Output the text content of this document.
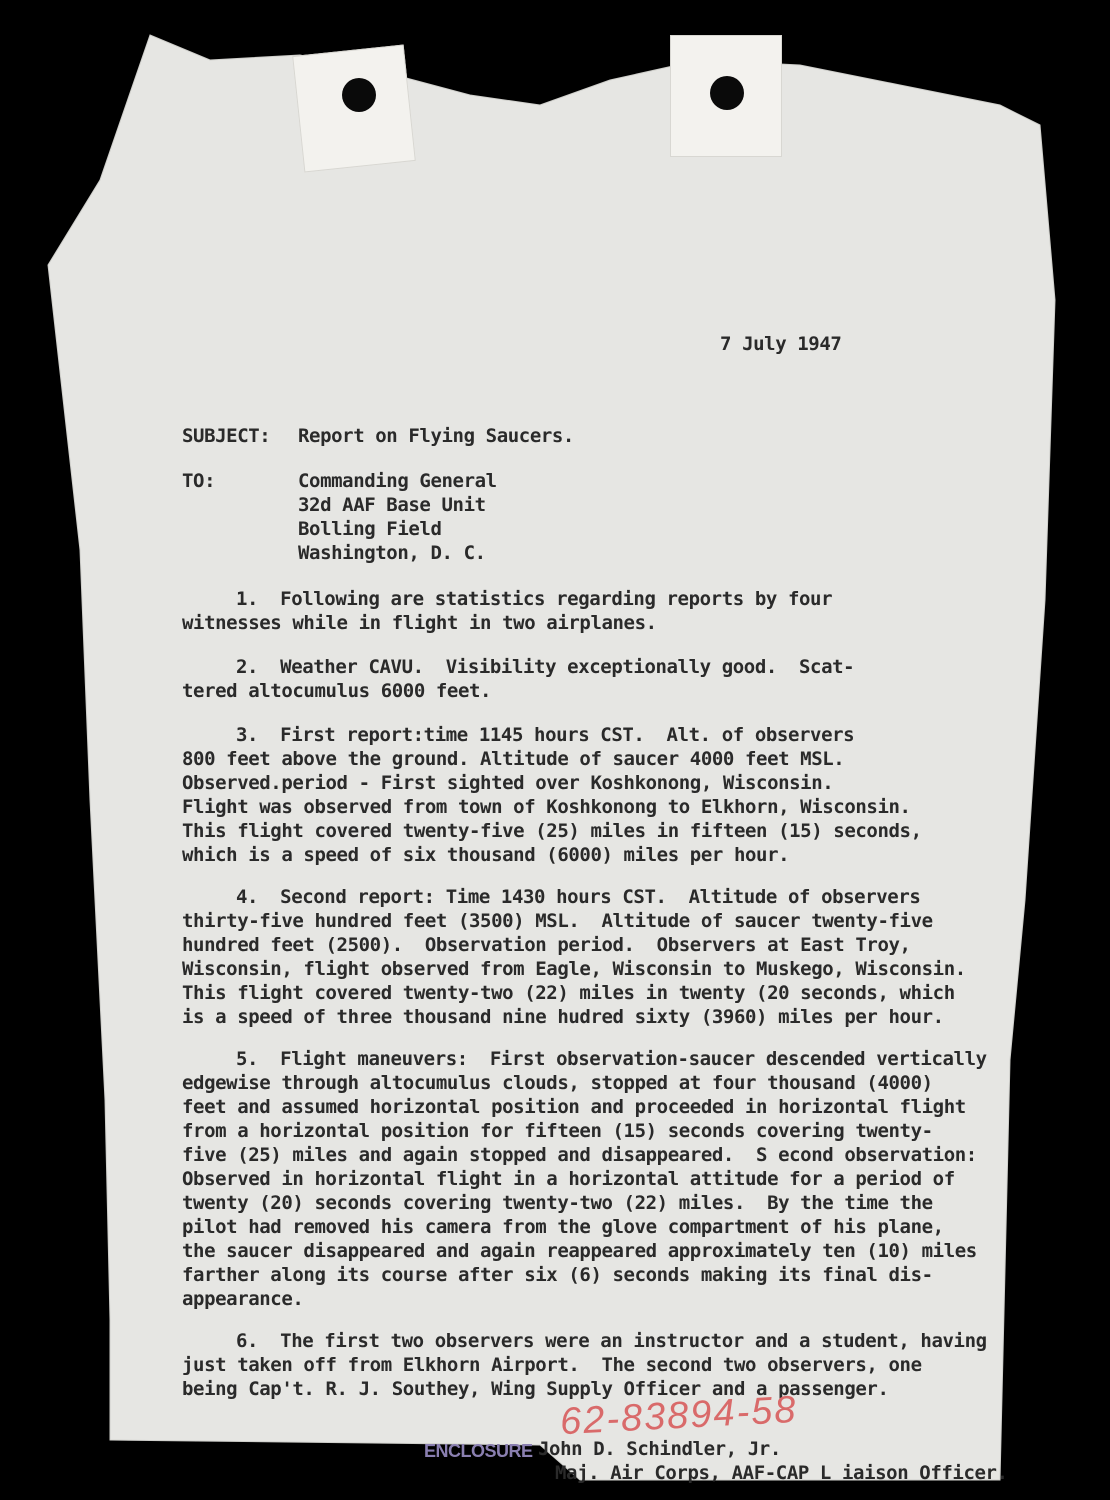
7 July 1947
SUBJECT: Report on Flying Saucers.
TO:	Commanding General
32d AAF Base Unit
Bolling Field
Washington, D. C.
1.  Following are statistics regarding reports by four
witnesses while in flight in two airplanes.
2.  Weather CAVU.  Visibility exceptionally good.  Scat-
tered altocumulus 6000 feet.
3.  First report:time 1145 hours CST.  Alt. of observers
800 feet above the ground. Altitude of saucer 4000 feet MSL.
Observed.period - First sighted over Koshkonong, Wisconsin.
Flight was observed from town of Koshkonong to Elkhorn, Wisconsin.
This flight covered twenty-five (25) miles in fifteen (15) seconds,
which is a speed of six thousand (6000) miles per hour.
4.  Second report: Time 1430 hours CST.  Altitude of observers
thirty-five hundred feet (3500) MSL.  Altitude of saucer twenty-five
hundred feet (2500).  Observation period.  Observers at East Troy,
Wisconsin, flight observed from Eagle, Wisconsin to Muskego, Wisconsin.
This flight covered twenty-two (22) miles in twenty (20 seconds, which
is a speed of three thousand nine hudred sixty (3960) miles per hour.
5.  Flight maneuvers:  First observation-saucer descended vertically
edgewise through altocumulus clouds, stopped at four thousand (4000)
feet and assumed horizontal position and proceeded in horizontal flight
from a horizontal position for fifteen (15) seconds covering twenty-
five (25) miles and again stopped and disappeared.  S econd observation:
Observed in horizontal flight in a horizontal attitude for a period of
twenty (20) seconds covering twenty-two (22) miles.  By the time the
pilot had removed his camera from the glove compartment of his plane,
the saucer disappeared and again reappeared approximately ten (10) miles
farther along its course after six (6) seconds making its final dis-
appearance.
6.  The first two observers were an instructor and a student, having
just taken off from Elkhorn Airport.  The second two observers, one
being Cap't. R. J. Southey, Wing Supply Officer and a passenger.
62-83894-58
ENCLOSURE John D. Schindler, Jr.
Maj. Air Corps, AAF-CAP L iaison Officer.
